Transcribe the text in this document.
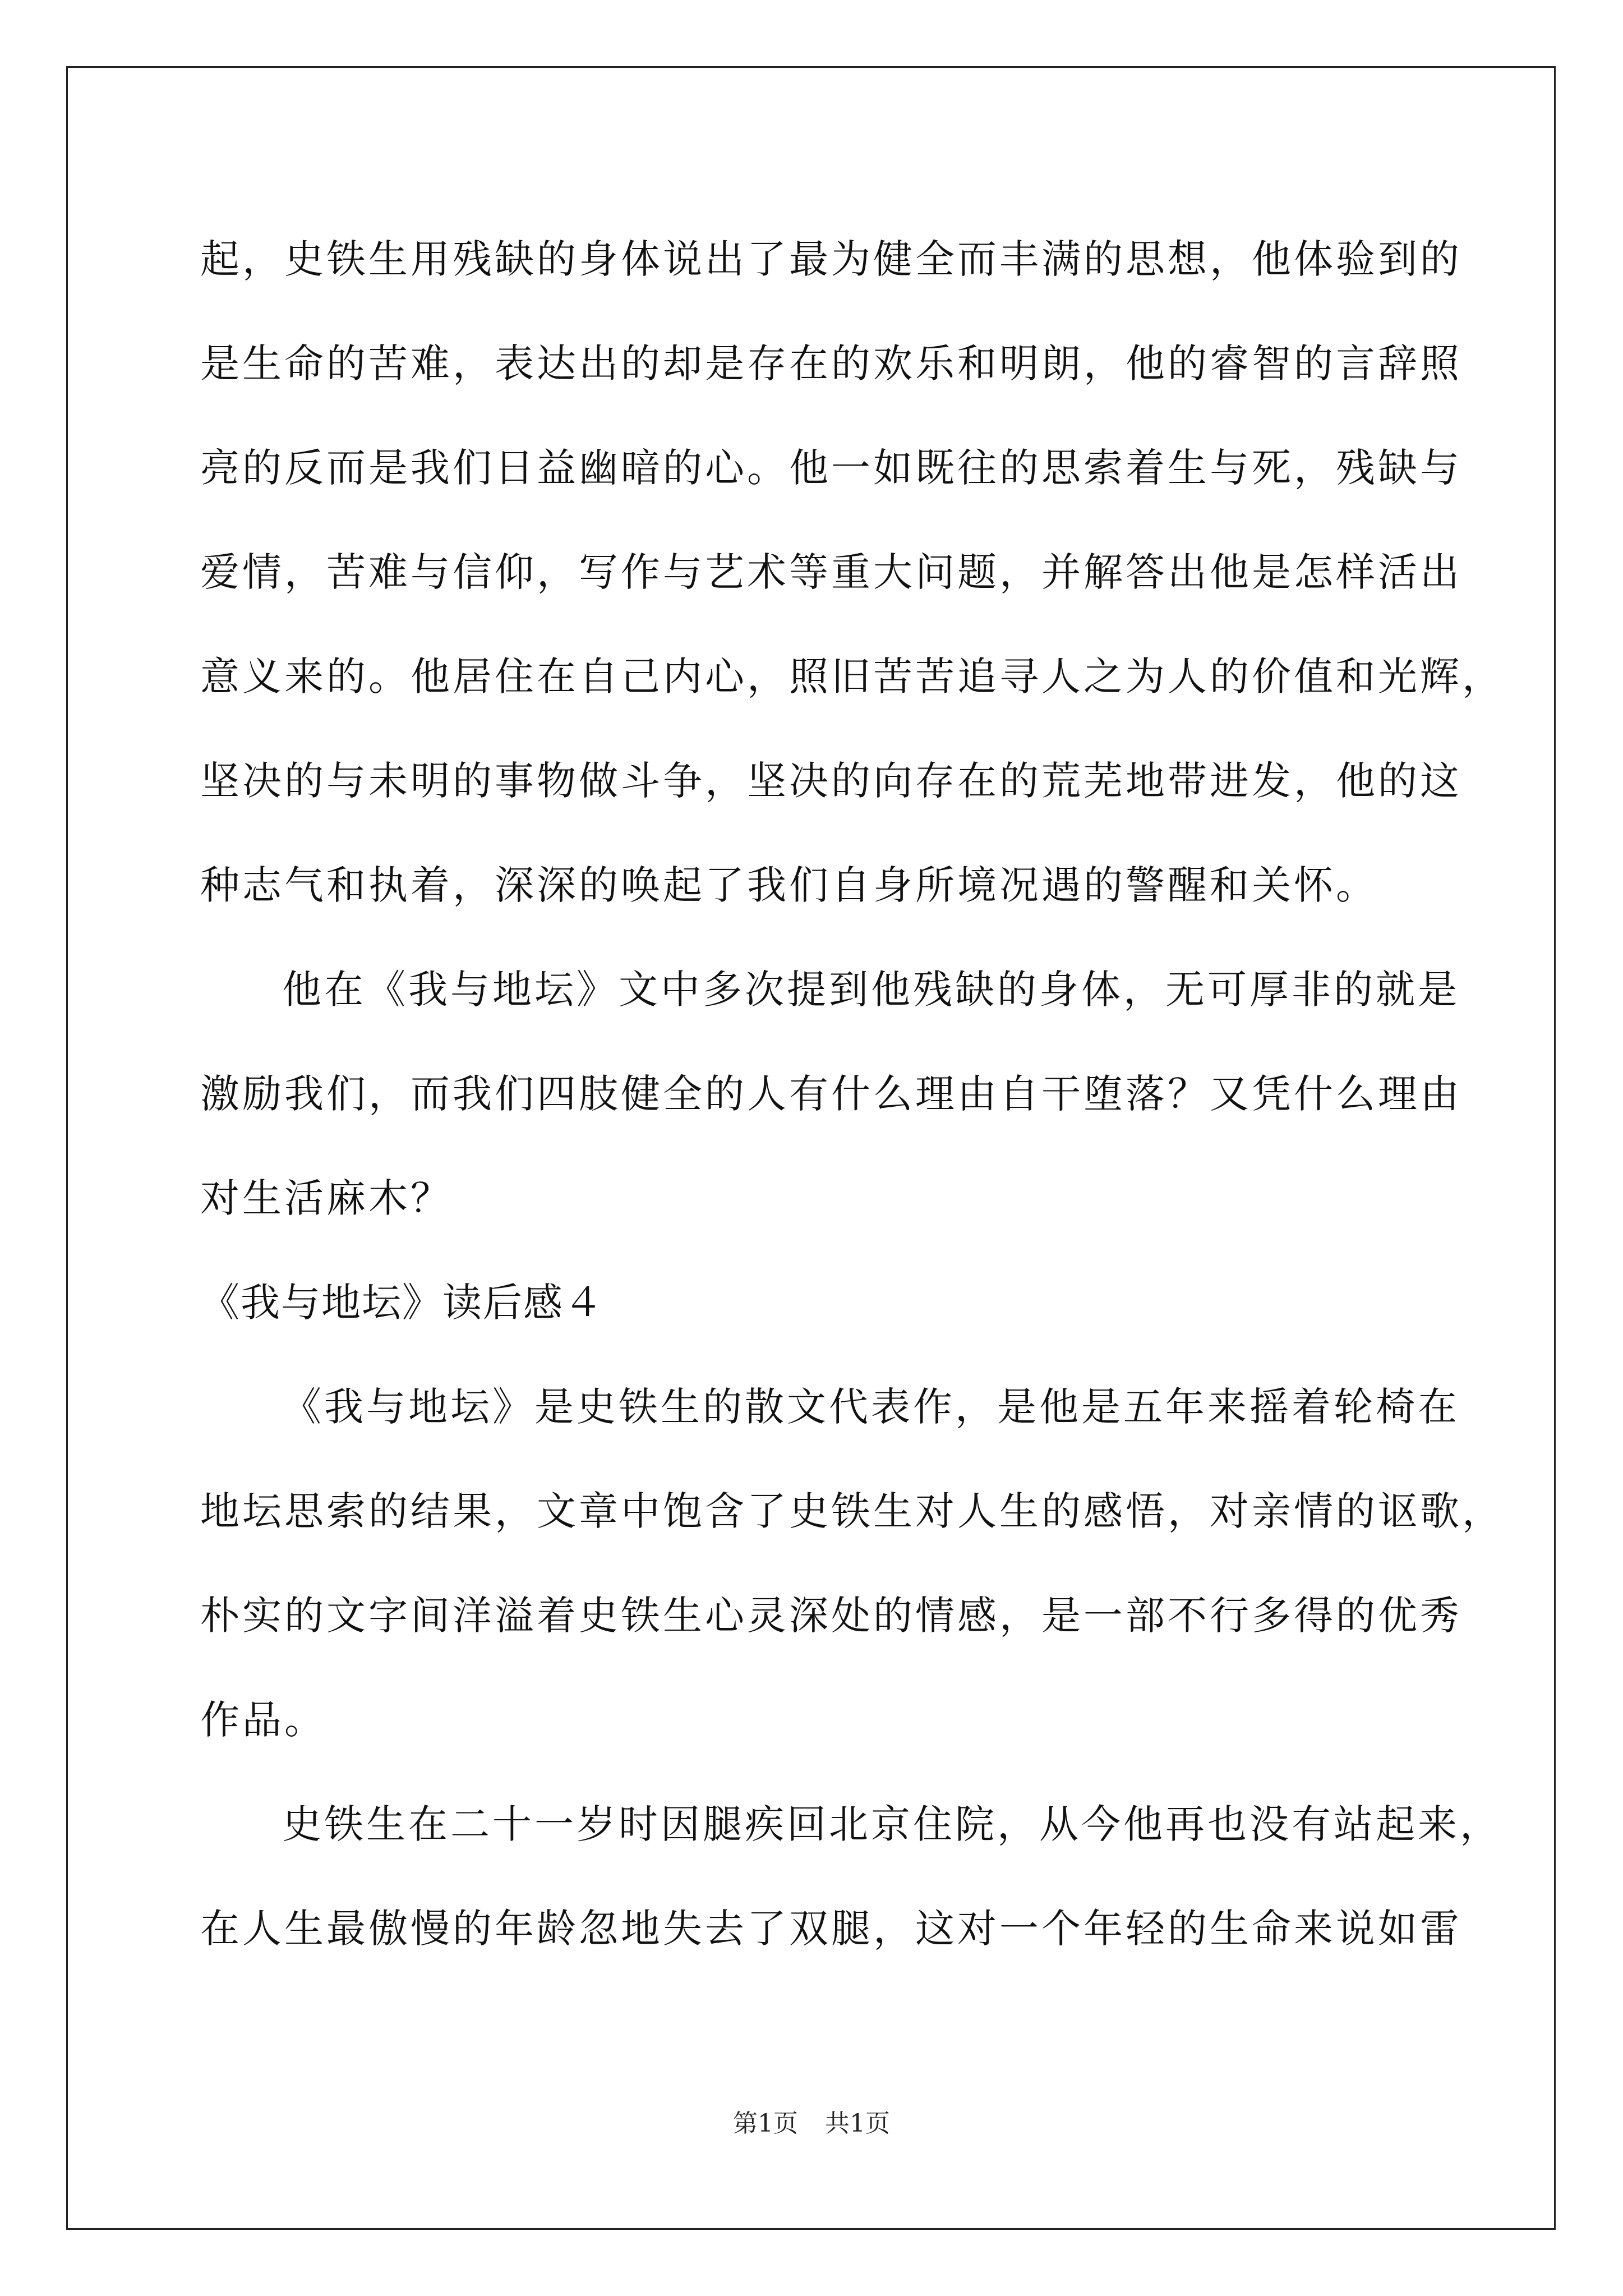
起，史铁生用残缺的身体说出了最为健全而丰满的思想，他体验到的
是生命的苦难，表达出的却是存在的欢乐和明朗，他的睿智的言辞照
亮的反而是我们日益幽暗的心。他一如既往的思索着生与死，残缺与
爱情，苦难与信仰，写作与艺术等重大问题，并解答出他是怎样活出
意义来的。他居住在自己内心，照旧苦苦追寻人之为人的价值和光辉，
坚决的与未明的事物做斗争，坚决的向存在的荒芜地带进发，他的这
种志气和执着，深深的唤起了我们自身所境况遇的警醒和关怀。
他在《我与地坛》文中多次提到他残缺的身体，无可厚非的就是
激励我们，而我们四肢健全的人有什么理由自干堕落？又凭什么理由
对生活麻木？
《我与地坛》读后感４
《我与地坛》是史铁生的散文代表作，是他是五年来摇着轮椅在
地坛思索的结果，文章中饱含了史铁生对人生的感悟，对亲情的讴歌，
朴实的文字间洋溢着史铁生心灵深处的情感，是一部不行多得的优秀
作品。
史铁生在二十一岁时因腿疾回北京住院，从今他再也没有站起来，
在人生最傲慢的年龄忽地失去了双腿，这对一个年轻的生命来说如雷
第1页 共1页
